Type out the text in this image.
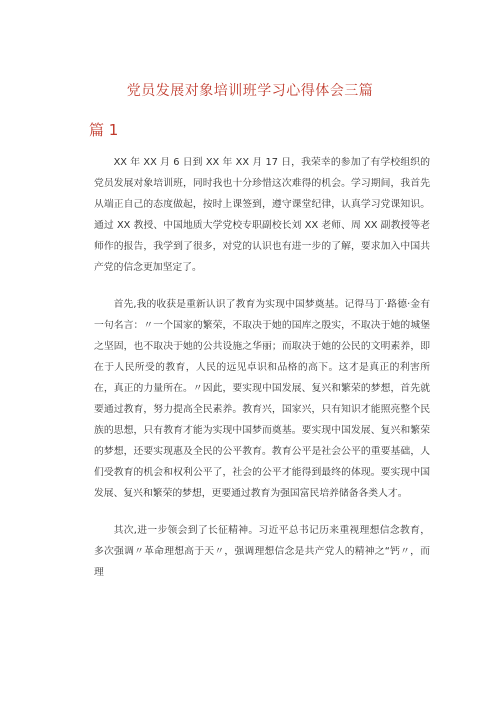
党员发展对象培训班学习心得体会三篇
篇 1

XX 年 XX 月 6 日到 XX 年 XX 月 17 日，我荣幸的参加了有学校组织的党员发展对象培训班，同时我也十分珍惜这次难得的机会。学习期间，我首先从端正自己的态度做起，按时上课签到，遵守课堂纪律，认真学习党课知识。通过 XX 教授、中国地质大学党校专职副校长刘 XX 老师、周 XX 副教授等老师作的报告，我学到了很多，对党的认识也有进一步的了解，要求加入中国共产党的信念更加坚定了。

首先,我的收获是重新认识了教育为实现中国梦奠基。记得马丁·路德·金有一句名言：〃一个国家的繁荣，不取决于她的国库之殷实，不取决于她的城堡之坚固，也不取决于她的公共设施之华丽；而取决于她的公民的文明素养，即在于人民所受的教育，人民的远见卓识和品格的高下。这才是真正的利害所在，真正的力量所在。〃因此，要实现中国发展、复兴和繁荣的梦想，首先就要通过教育，努力提高全民素养。教育兴，国家兴，只有知识才能照亮整个民族的思想，只有教育才能为实现中国梦而奠基。要实现中国发展、复兴和繁荣的梦想，还要实现惠及全民的公平教育。教育公平是社会公平的重要基础，人们受教育的机会和权利公平了，社会的公平才能得到最终的体现。要实现中国发展、复兴和繁荣的梦想，更要通过教育为强国富民培养储备各类人才。

其次,进一步领会到了长征精神。习近平总书记历来重视理想信念教育，多次强调〃革命理想高于天〃，强调理想信念是共产党人的精神之“钙〃，而理
